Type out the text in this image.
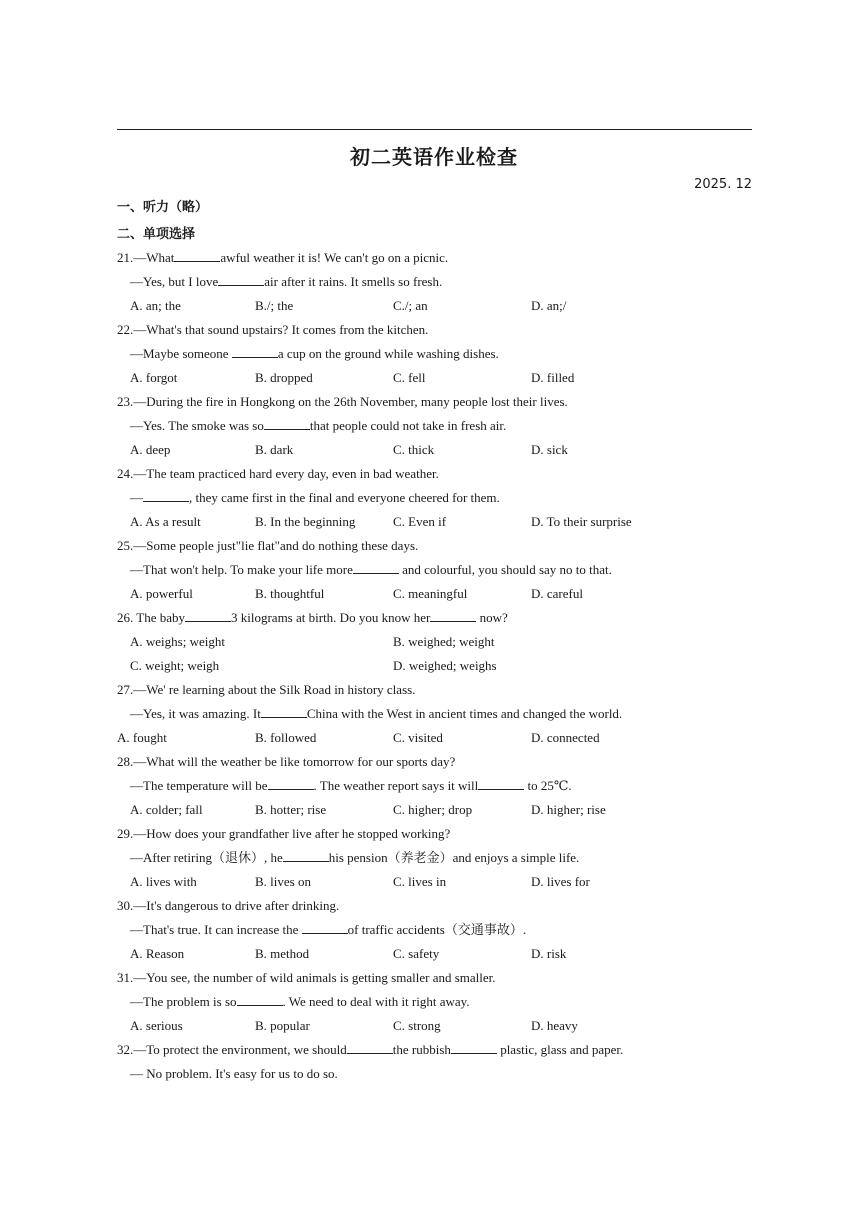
初二英语作业检查
2025. 12
一、听力（略）
二、单项选择
21.—What	awful weather it is! We can't go on a picnic.
—Yes, but I love	air after it rains. It smells so fresh.
A. an; the	B./; the	C./; an	D. an;/
22.—What's that sound upstairs? It comes from the kitchen.
—Maybe someone	a cup on the ground while washing dishes.
A. forgot	B. dropped	C. fell	D. filled
23.—During the fire in Hongkong on the 26th November, many people lost their lives.
—Yes. The smoke was so	that people could not take in fresh air.
A. deep	B. dark	C. thick	D. sick
24.—The team practiced hard every day, even in bad weather.
—	, they came first in the final and everyone cheered for them.
A. As a result	B. In the beginning	C. Even if	D. To their surprise
25.—Some people just"lie flat"and do nothing these days.
—That won't help. To make your life more	and colourful, you should say no to that.
A. powerful	B. thoughtful	C. meaningful	D. careful
26. The baby	3 kilograms at birth. Do you know her	now?
A. weighs; weight	B. weighed; weight
C. weight; weigh	D. weighed; weighs
27.—We' re learning about the Silk Road in history class.
—Yes, it was amazing. It	China with the West in ancient times and changed the world.
A. fought	B. followed	C. visited	D. connected
28.—What will the weather be like tomorrow for our sports day?
—The temperature will be	. The weather report says it will	to 25℃.
A. colder; fall	B. hotter; rise	C. higher; drop	D. higher; rise
29.—How does your grandfather live after he stopped working?
—After retiring（退休）, he	his pension（养老金）and enjoys a simple life.
A. lives with	B. lives on	C. lives in	D. lives for
30.—It's dangerous to drive after drinking.
—That's true. It can increase the	of traffic accidents（交通事故）.
A. Reason	B. method	C. safety	D. risk
31.—You see, the number of wild animals is getting smaller and smaller.
—The problem is so	. We need to deal with it right away.
A. serious	B. popular	C. strong	D. heavy
32.—To protect the environment, we should	the rubbish	plastic, glass and paper.
— No problem. It's easy for us to do so.
